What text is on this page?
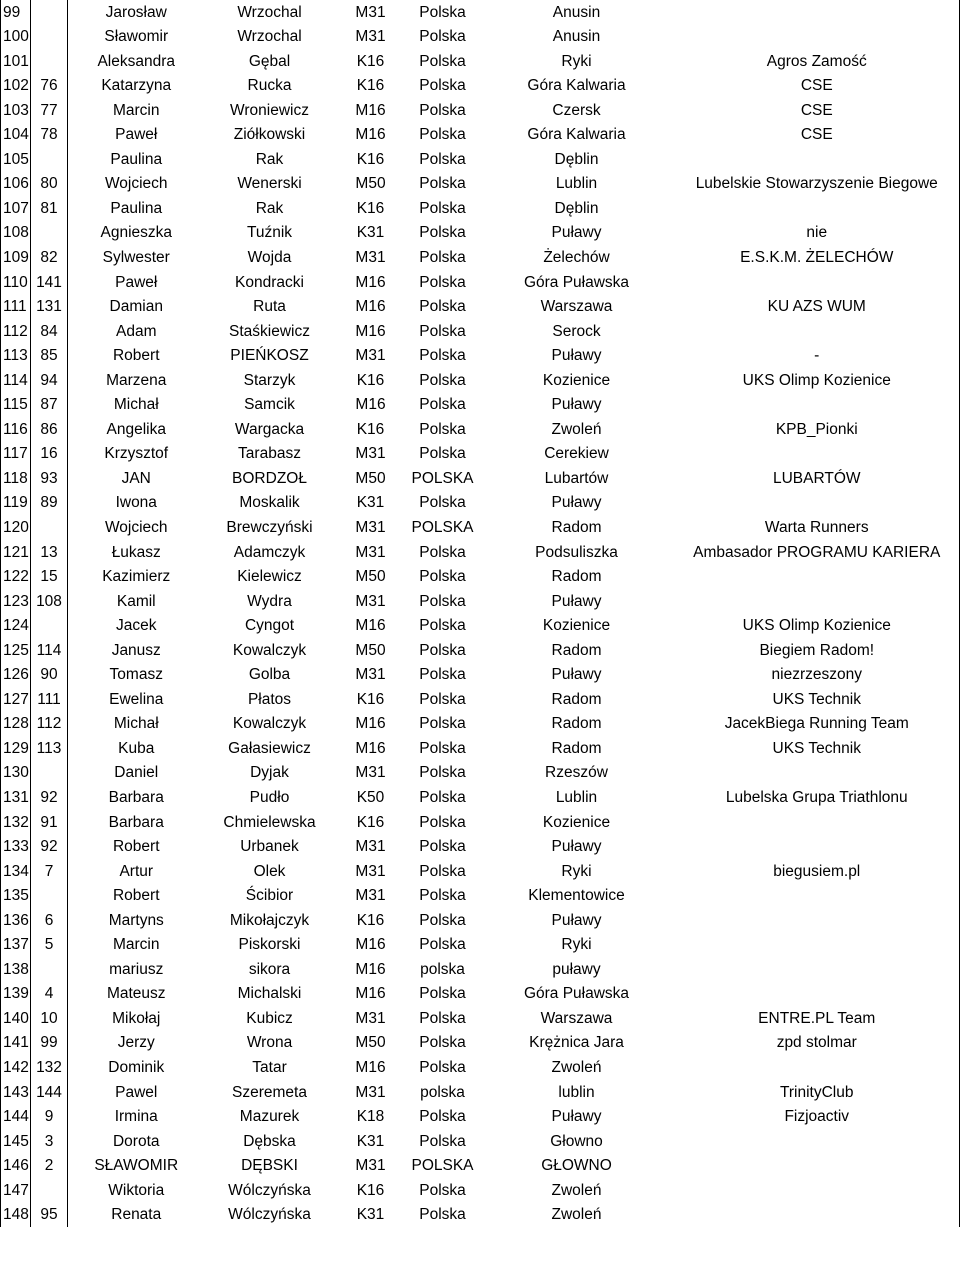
99		Jarosław	Wrzochal	M31	Polska	Anusin	
100		Sławomir	Wrzochal	M31	Polska	Anusin	
101		Aleksandra	Gębal	K16	Polska	Ryki	Agros Zamość
102	76	Katarzyna	Rucka	K16	Polska	Góra Kalwaria	CSE
103	77	Marcin	Wroniewicz	M16	Polska	Czersk	CSE
104	78	Paweł	Ziółkowski	M16	Polska	Góra Kalwaria	CSE
105		Paulina	Rak	K16	Polska	Dęblin	
106	80	Wojciech	Wenerski	M50	Polska	Lublin	Lubelskie Stowarzyszenie Biegowe
107	81	Paulina	Rak	K16	Polska	Dęblin	
108		Agnieszka	Tuźnik	K31	Polska	Puławy	nie
109	82	Sylwester	Wojda	M31	Polska	Żelechów	E.S.K.M. ŻELECHÓW
110	141	Paweł	Kondracki	M16	Polska	Góra Puławska	
111	131	Damian	Ruta	M16	Polska	Warszawa	KU AZS WUM
112	84	Adam	Staśkiewicz	M16	Polska	Serock	
113	85	Robert	PIEŃKOSZ	M31	Polska	Puławy	-
114	94	Marzena	Starzyk	K16	Polska	Kozienice	UKS Olimp Kozienice
115	87	Michał	Samcik	M16	Polska	Puławy	
116	86	Angelika	Wargacka	K16	Polska	Zwoleń	KPB_Pionki
117	16	Krzysztof	Tarabasz	M31	Polska	Cerekiew	
118	93	JAN	BORDZOŁ	M50	POLSKA	Lubartów	LUBARTÓW
119	89	Iwona	Moskalik	K31	Polska	Puławy	
120		Wojciech	Brewczyński	M31	POLSKA	Radom	Warta Runners
121	13	Łukasz	Adamczyk	M31	Polska	Podsuliszka	Ambasador PROGRAMU KARIERA
122	15	Kazimierz	Kielewicz	M50	Polska	Radom	
123	108	Kamil	Wydra	M31	Polska	Puławy	
124		Jacek	Cyngot	M16	Polska	Kozienice	UKS Olimp Kozienice
125	114	Janusz	Kowalczyk	M50	Polska	Radom	Biegiem Radom!
126	90	Tomasz	Golba	M31	Polska	Puławy	niezrzeszony
127	111	Ewelina	Płatos	K16	Polska	Radom	UKS Technik
128	112	Michał	Kowalczyk	M16	Polska	Radom	JacekBiega Running Team
129	113	Kuba	Gałasiewicz	M16	Polska	Radom	UKS Technik
130		Daniel	Dyjak	M31	Polska	Rzeszów	
131	92	Barbara	Pudło	K50	Polska	Lublin	Lubelska Grupa Triathlonu
132	91	Barbara	Chmielewska	K16	Polska	Kozienice	
133	92	Robert	Urbanek	M31	Polska	Puławy	
134	7	Artur	Olek	M31	Polska	Ryki	biegusiem.pl
135		Robert	Ścibior	M31	Polska	Klementowice	
136	6	Martyns	Mikołajczyk	K16	Polska	Puławy	
137	5	Marcin	Piskorski	M16	Polska	Ryki	
138		mariusz	sikora	M16	polska	puławy	
139	4	Mateusz	Michalski	M16	Polska	Góra Puławska	
140	10	Mikołaj	Kubicz	M31	Polska	Warszawa	ENTRE.PL Team
141	99	Jerzy	Wrona	M50	Polska	Krężnica Jara	zpd stolmar
142	132	Dominik	Tatar	M16	Polska	Zwoleń	
143	144	Pawel	Szeremeta	M31	polska	lublin	TrinityClub
144	9	Irmina	Mazurek	K18	Polska	Puławy	Fizjoactiv
145	3	Dorota	Dębska	K31	Polska	Głowno	
146	2	SŁAWOMIR	DĘBSKI	M31	POLSKA	GŁOWNO	
147		Wiktoria	Wólczyńska	K16	Polska	Zwoleń	
148	95	Renata	Wólczyńska	K31	Polska	Zwoleń	
